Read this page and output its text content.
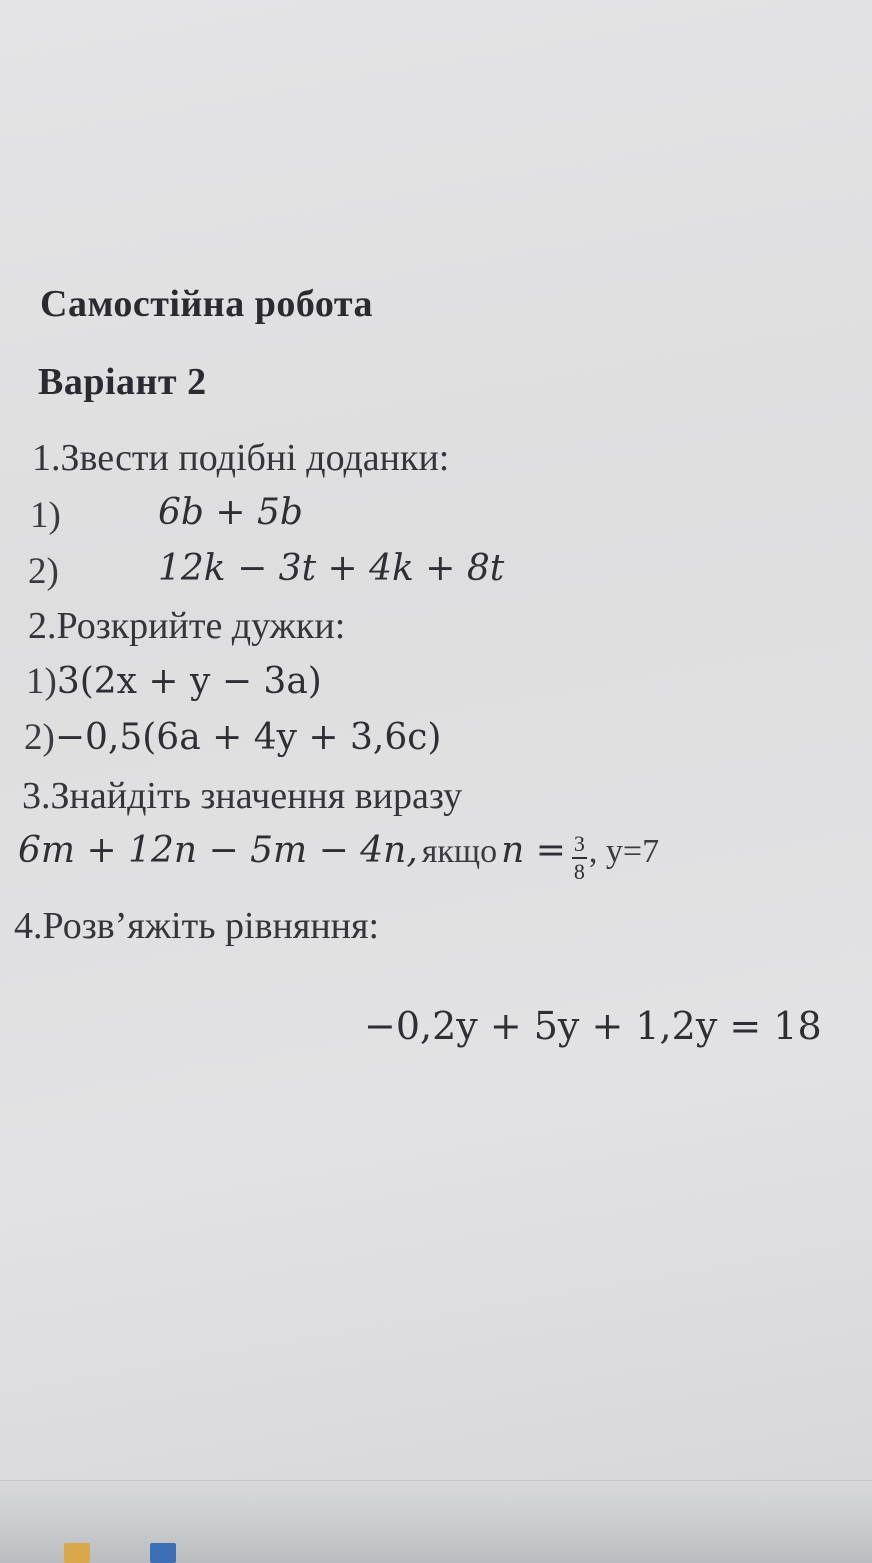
Самостійна робота
Варіант 2
1.Звести подібні доданки:
1)	6b + 5b
2)	12k − 3t + 4k + 8t
2.Розкрийте дужки:
1)3(2x + y − 3a)
2)−0,5(6a + 4y + 3,6c)
3.Знайдіть значення виразу
6m + 12n − 5m − 4n, якщо $n = \frac{3}{8}$ , y=7
4.Розв’яжіть рівняння:
−0,2y + 5y + 1,2y = 18
